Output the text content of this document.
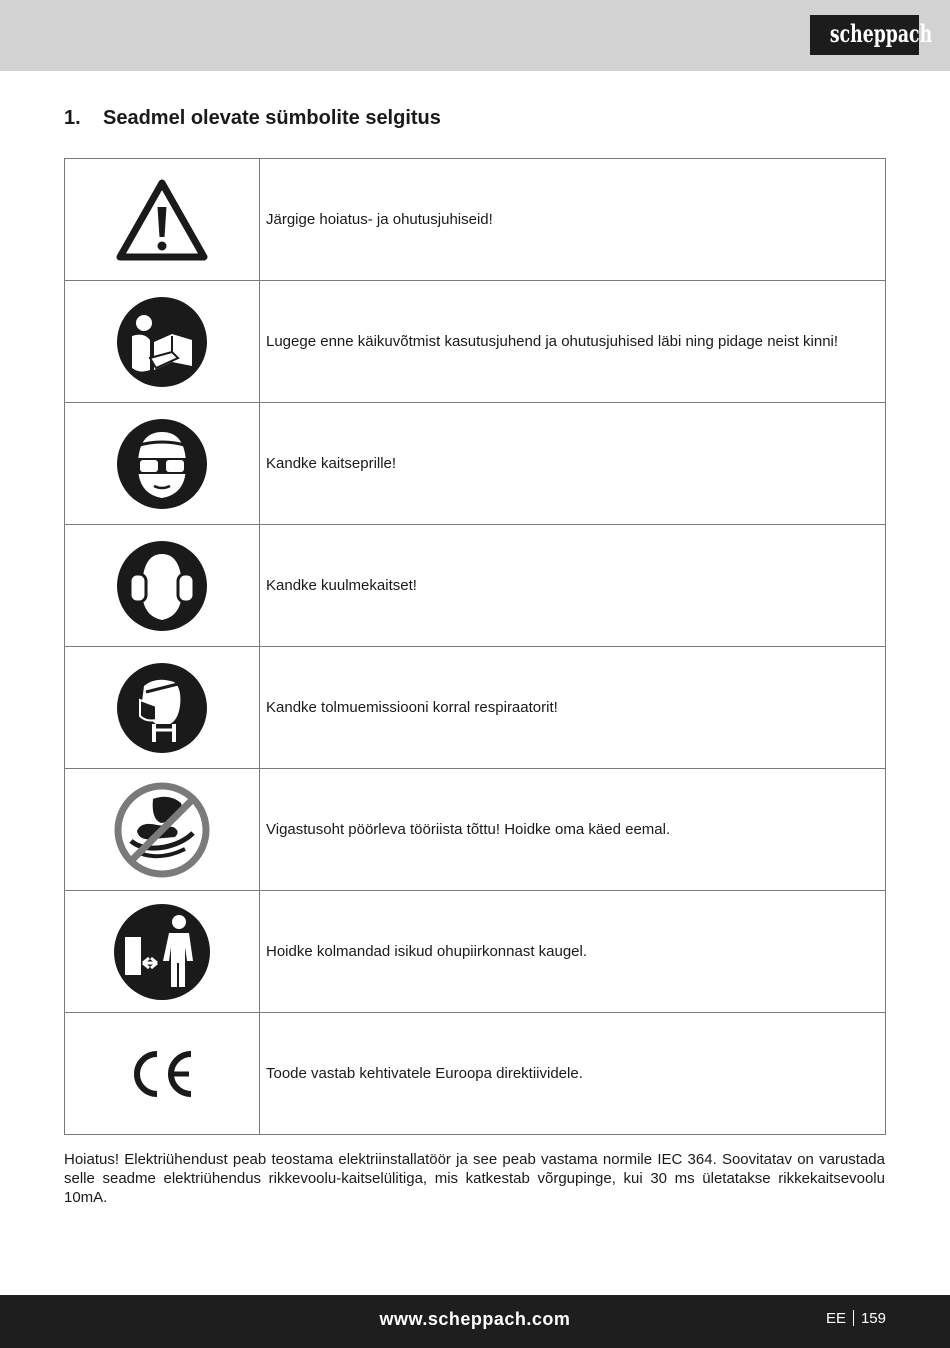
scheppach
1. Seadmel olevate sümbolite selgitus
	Järgige hoiatus- ja ohutusjuhiseid!

	Lugege enne käikuvõtmist kasutusjuhend ja ohutusjuhised läbi ning pidage neist kinni!

	Kandke kaitseprille!

	Kandke kuulmekaitset!

	Kandke tolmuemissiooni korral respiraatorit!

	Vigastusoht pöörleva tööriista tõttu! Hoidke oma käed eemal.

	Hoidke kolmandad isikud ohupiirkonnast kaugel.

	Toode vastab kehtivatele Euroopa direktiividele.
Hoiatus! Elektriühendust peab teostama elektriinstallatöör ja see peab vastama normile IEC 364. Soovitatav on varustada selle seadme elektriühendus rikkevoolu-kaitselülitiga, mis katkestab võrgupinge, kui 30 ms ületatakse rikkekaitsevoolu 10mA.
www.scheppach.com	EE 159
